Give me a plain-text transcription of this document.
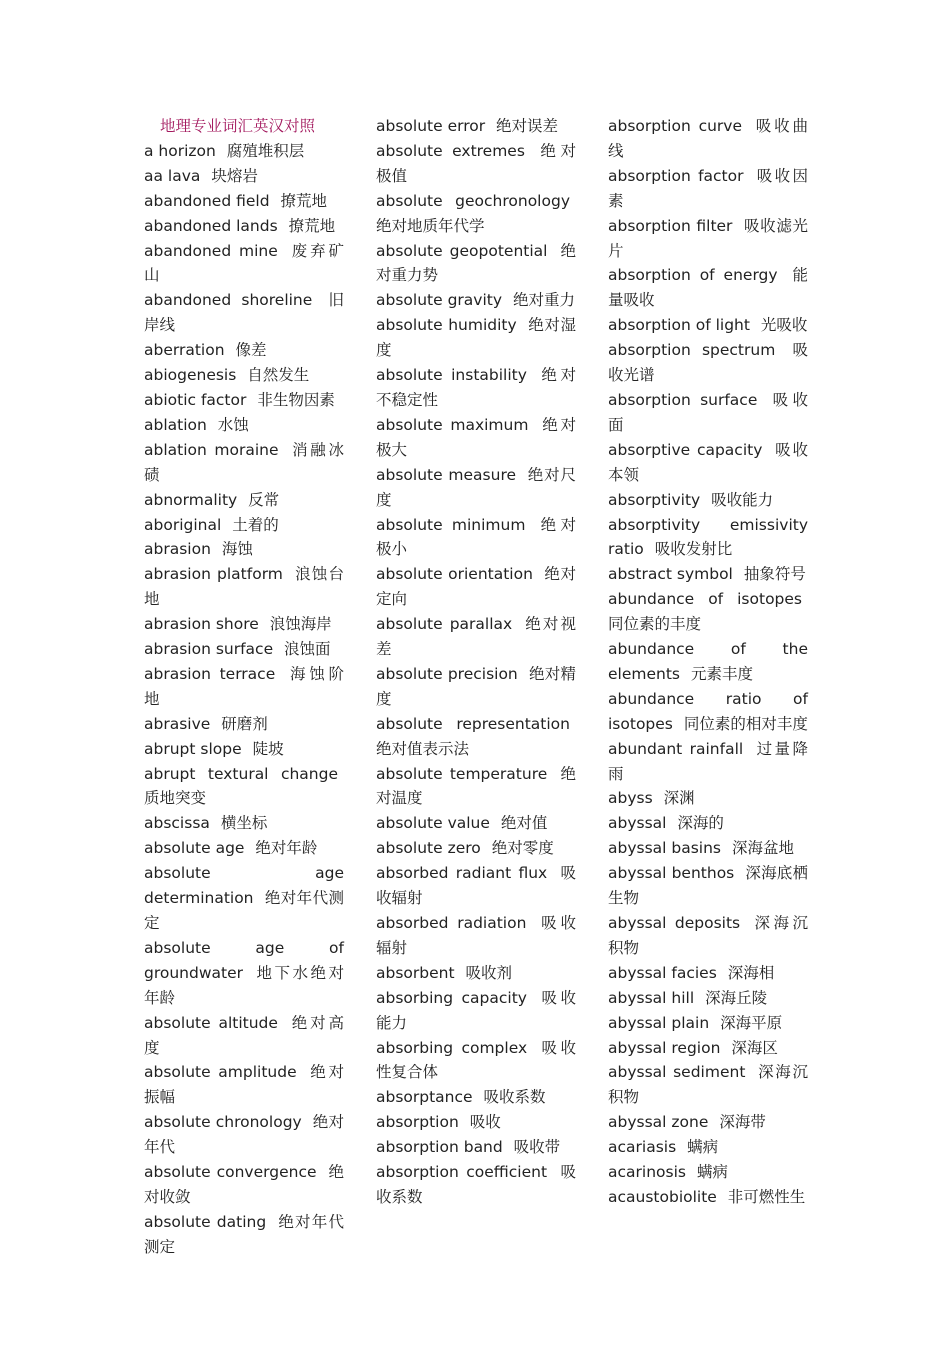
地理专业词汇英汉对照
a horizon 腐殖堆积层
aa lava 块熔岩
abandoned field 撩荒地
abandoned lands 撩荒地
abandoned mine 废弃矿山
abandoned shoreline 旧岸线
aberration 像差
abiogenesis 自然发生
abiotic factor 非生物因素
ablation 水蚀
ablation moraine 消融冰碛
abnormality 反常
aboriginal 土着的
abrasion 海蚀
abrasion platform 浪蚀台地
abrasion shore 浪蚀海岸
abrasion surface 浪蚀面
abrasion terrace 海蚀阶地
abrasive 研磨剂
abrupt slope 陡坡
abrupt textural change 质地突变
abscissa 横坐标
absolute age 绝对年龄
absolute age determination 绝对年代测定
absolute age of groundwater 地下水绝对年龄
absolute altitude 绝对高度
absolute amplitude 绝对振幅
absolute chronology 绝对年代
absolute convergence 绝对收敛
absolute dating 绝对年代测定
absolute error 绝对误差
absolute extremes 绝对极值
absolute geochronology 绝对地质年代学
absolute geopotential 绝对重力势
absolute gravity 绝对重力
absolute humidity 绝对湿度
absolute instability 绝对不稳定性
absolute maximum 绝对极大
absolute measure 绝对尺度
absolute minimum 绝对极小
absolute orientation 绝对定向
absolute parallax 绝对视差
absolute precision 绝对精度
absolute representation 绝对值表示法
absolute temperature 绝对温度
absolute value 绝对值
absolute zero 绝对零度
absorbed radiant flux 吸收辐射
absorbed radiation 吸收辐射
absorbent 吸收剂
absorbing capacity 吸收能力
absorbing complex 吸收性复合体
absorptance 吸收系数
absorption 吸收
absorption band 吸收带
absorption coefficient 吸收系数
absorption curve 吸收曲线
absorption factor 吸收因素
absorption filter 吸收滤光片
absorption of energy 能量吸收
absorption of light 光吸收
absorption spectrum 吸收光谱
absorption surface 吸收面
absorptive capacity 吸收本领
absorptivity 吸收能力
absorptivity emissivity ratio 吸收发射比
abstract symbol 抽象符号
abundance of isotopes 同位素的丰度
abundance of the elements 元素丰度
abundance ratio of isotopes 同位素的相对丰度
abundant rainfall 过量降雨
abyss 深渊
abyssal 深海的
abyssal basins 深海盆地
abyssal benthos 深海底栖生物
abyssal deposits 深海沉积物
abyssal facies 深海相
abyssal hill 深海丘陵
abyssal plain 深海平原
abyssal region 深海区
abyssal sediment 深海沉积物
abyssal zone 深海带
acariasis 螨病
acarinosis 螨病
acaustobiolite 非可燃性生
